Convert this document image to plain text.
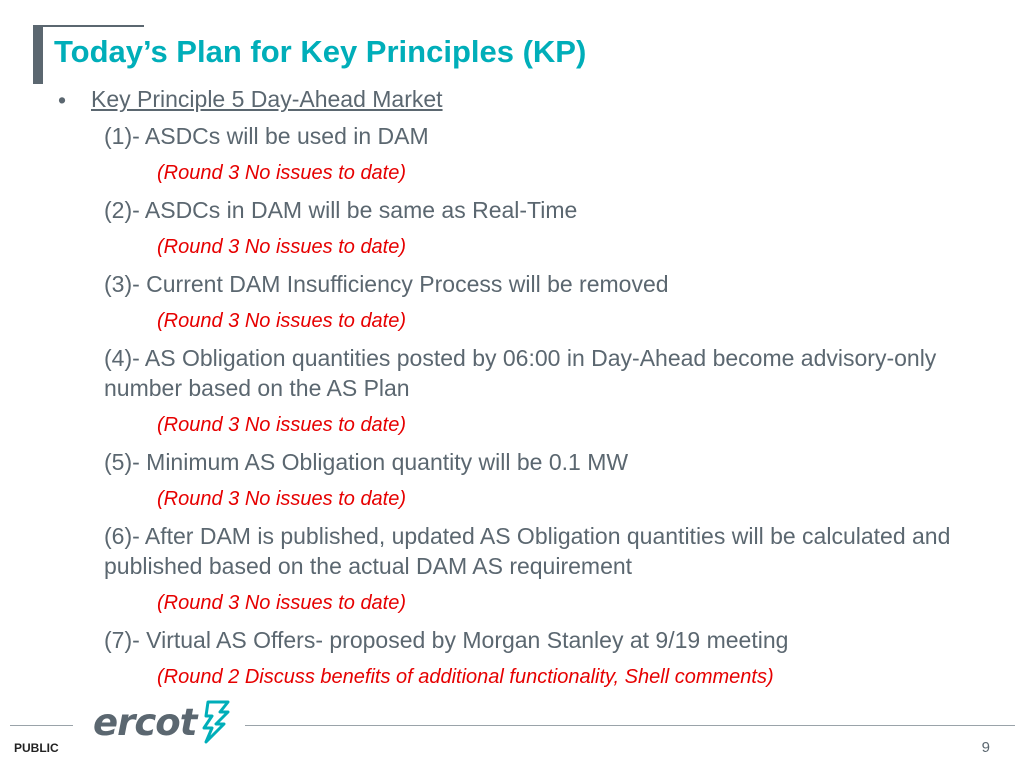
Today’s Plan for Key Principles (KP)
• Key Principle 5 Day-Ahead Market

(1)- ASDCs will be used in DAM

(Round 3 No issues to date)

(2)- ASDCs in DAM will be same as Real-Time

(Round 3 No issues to date)

(3)- Current DAM Insufficiency Process will be removed

(Round 3 No issues to date)

(4)- AS Obligation quantities posted by 06:00 in Day-Ahead become advisory-only number based on the AS Plan

(Round 3 No issues to date)

(5)- Minimum AS Obligation quantity will be 0.1 MW

(Round 3 No issues to date)

(6)- After DAM is published, updated AS Obligation quantities will be calculated and published based on the actual DAM AS requirement

(Round 3 No issues to date)

(7)- Virtual AS Offers- proposed by Morgan Stanley at 9/19 meeting

(Round 2 Discuss benefits of additional functionality, Shell comments)

ercot
PUBLIC	9
